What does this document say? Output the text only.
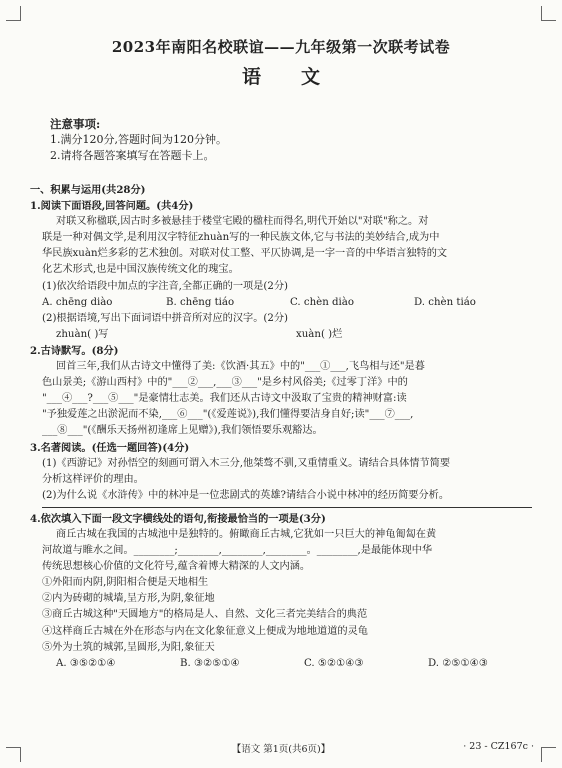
2023年南阳名校联谊——九年级第一次联考试卷
语文
注意事项:
1.满分120分,答题时间为120分钟。
2.请将各题答案填写在答题卡上。

一、积累与运用(共28分)

1.阅读下面语段,回答问题。(共4分)

对联又称楹联,因古时多被悬挂于楼堂宅殿的楹柱而得名,明代开始以"对联"称之。对

联是一种对偶文学,是利用汉字特征zhuàn写的一种民族文体,它与书法的美妙结合,成为中

华民族xuàn烂多彩的艺术独创。对联对仗工整、平仄协调,是一字一音的中华语言独特的文

化艺术形式,也是中国汉族传统文化的瑰宝。

(1)依次给语段中加点的字注音,全都正确的一项是(2分)

A. chēng diào	B. chēng tiáo	C. chèn diào	D. chèn tiáo

(2)根据语境,写出下面词语中拼音所对应的汉字。(2分)

zhuàn( )写	xuàn( )烂

2.古诗默写。(8分)

回首三年,我们从古诗文中懂得了美:《饮酒·其五》中的"___①___,飞鸟相与还"是暮

色山景美;《游山西村》中的"___②___,___③___"是乡村风俗美;《过零丁洋》中的

"___④___?___⑤___"是豪情壮志美。我们还从古诗文中汲取了宝贵的精神财富:读

"予独爱莲之出淤泥而不染,___⑥___"(《爱莲说》),我们懂得要洁身自好;读"___⑦___,

___⑧___"(《酬乐天扬州初逢席上见赠》),我们领悟要乐观豁达。

3.名著阅读。(任选一题回答)(4分)

(1)《西游记》对孙悟空的刻画可谓入木三分,他桀骜不驯,又重情重义。请结合具体情节简要

分析这样评价的理由。

(2)为什么说《水浒传》中的林冲是一位悲剧式的英雄?请结合小说中林冲的经历简要分析。

4.依次填入下面一段文字横线处的语句,衔接最恰当的一项是(3分)

商丘古城在我国的古城池中是独特的。俯瞰商丘古城,它犹如一只巨大的神龟匍匐在黄

河故道与睢水之间。________;________,________,________。________,是最能体现中华

传统思想核心价值的文化符号,蕴含着博大精深的人文内涵。

①外阳而内阴,阴阳相合便是天地相生

②内为砖砌的城墙,呈方形,为阴,象征地

③商丘古城这种"天圆地方"的格局是人、自然、文化三者完美结合的典范

④这样商丘古城在外在形态与内在文化象征意义上便成为地地道道的灵龟

⑤外为土筑的城郭,呈圆形,为阳,象征天

A. ③⑤②①④	B. ③②⑤①④	C. ⑤②①④③	D. ②⑤①④③

【语文 第1页(共6页)】	· 23 - CZ167c ·
